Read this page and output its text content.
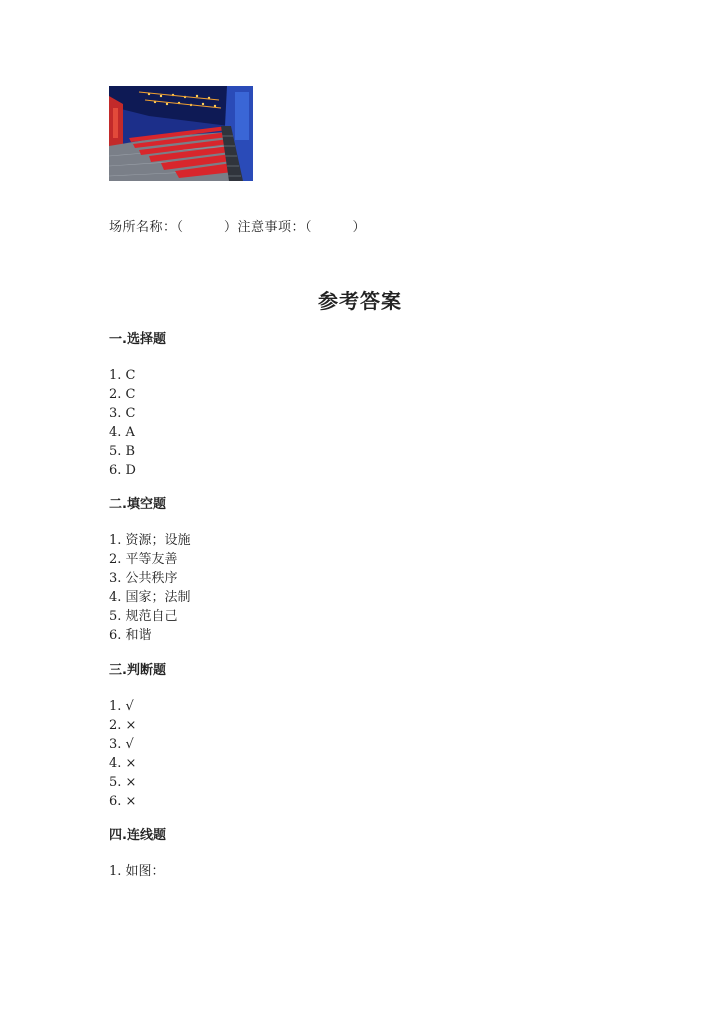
场所名称：（　　　）注意事项：（　　　）
参考答案
一.选择题
1. C
2. C
3. C
4. A
5. B
6. D
二.填空题
1. 资源；设施
2. 平等友善
3. 公共秩序
4. 国家；法制
5. 规范自己
6. 和谐
三.判断题
1. √
2. ×
3. √
4. ×
5. ×
6. ×
四.连线题
1. 如图：
